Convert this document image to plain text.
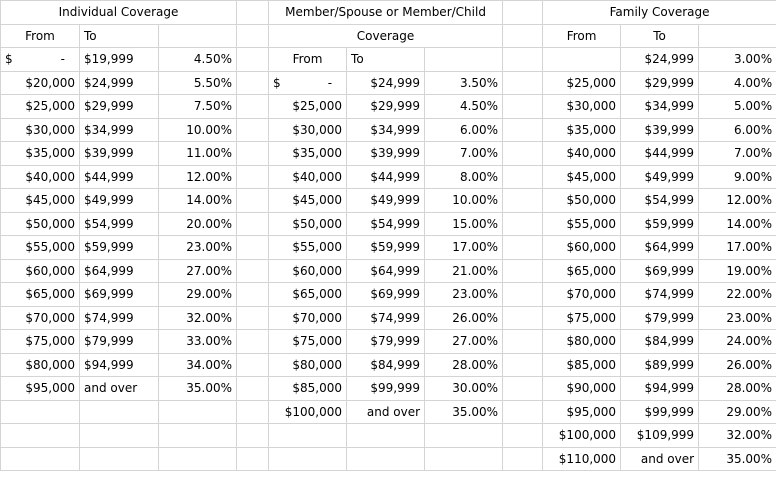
Individual Coverage				Member/Spouse or Member/Child				Family Coverage		
From	To			Coverage				From	To	

$ -	$19,999	4.50%		From	To				$24,999	3.00%
$20,000	$24,999	5.50%		$ -	$24,999	3.50%		$25,000	$29,999	4.00%
$25,000	$29,999	7.50%		$25,000	$29,999	4.50%		$30,000	$34,999	5.00%
$30,000	$34,999	10.00%		$30,000	$34,999	6.00%		$35,000	$39,999	6.00%
$35,000	$39,999	11.00%		$35,000	$39,999	7.00%		$40,000	$44,999	7.00%
$40,000	$44,999	12.00%		$40,000	$44,999	8.00%		$45,000	$49,999	9.00%
$45,000	$49,999	14.00%		$45,000	$49,999	10.00%		$50,000	$54,999	12.00%
$50,000	$54,999	20.00%		$50,000	$54,999	15.00%		$55,000	$59,999	14.00%
$55,000	$59,999	23.00%		$55,000	$59,999	17.00%		$60,000	$64,999	17.00%
$60,000	$64,999	27.00%		$60,000	$64,999	21.00%		$65,000	$69,999	19.00%
$65,000	$69,999	29.00%		$65,000	$69,999	23.00%		$70,000	$74,999	22.00%
$70,000	$74,999	32.00%		$70,000	$74,999	26.00%		$75,000	$79,999	23.00%
$75,000	$79,999	33.00%		$75,000	$79,999	27.00%		$80,000	$84,999	24.00%
$80,000	$94,999	34.00%		$80,000	$84,999	28.00%		$85,000	$89,999	26.00%
$95,000	and over	35.00%		$85,000	$99,999	30.00%		$90,000	$94,999	28.00%
				$100,000	and over	35.00%		$95,000	$99,999	29.00%
								$100,000	$109,999	32.00%
								$110,000	and over	35.00%
